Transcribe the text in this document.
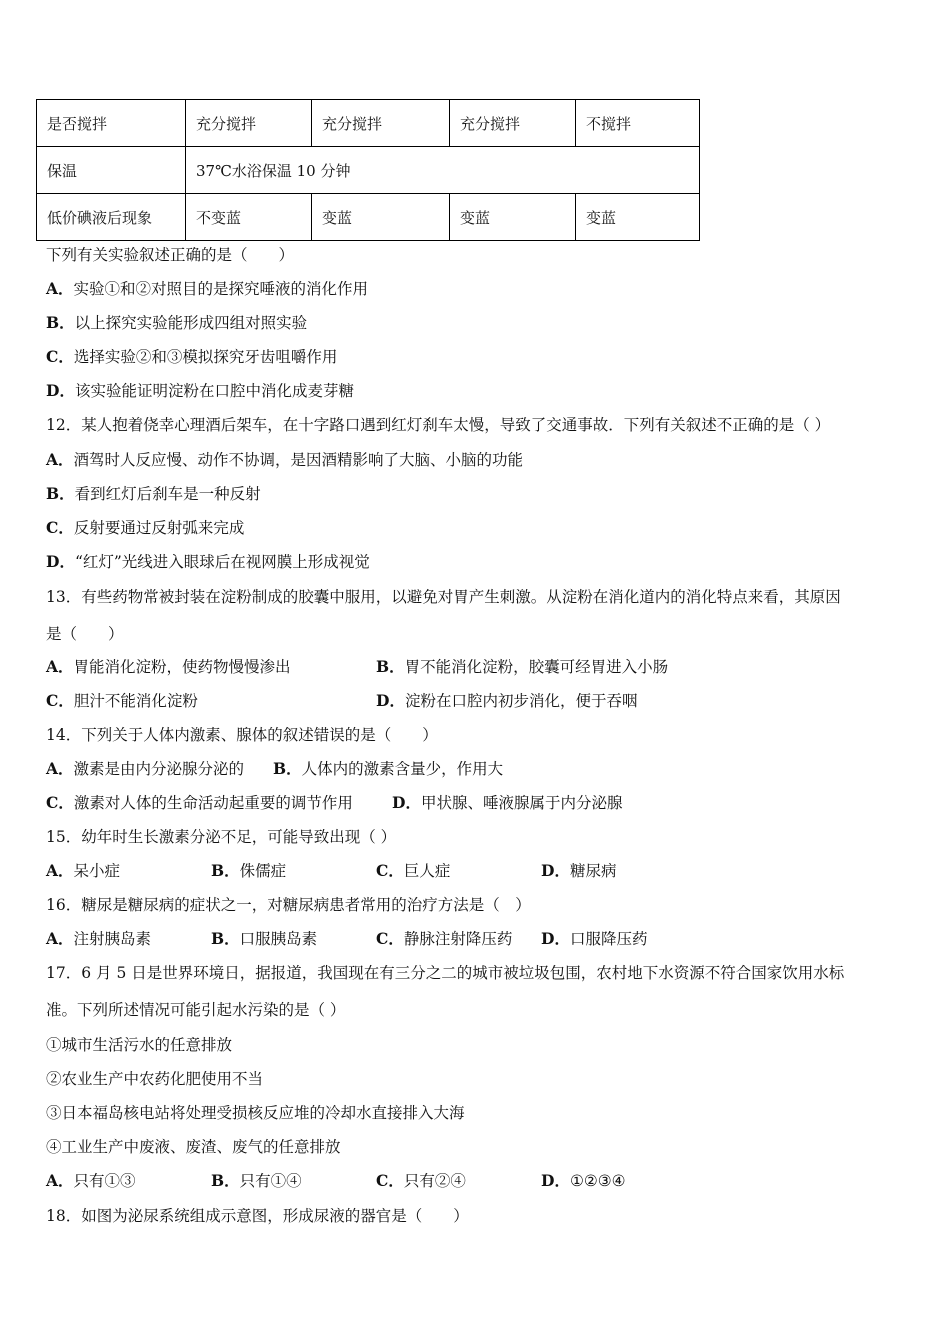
是否搅拌	充分搅拌	充分搅拌	充分搅拌	不搅拌
保温	37℃水浴保温 10 分钟			
低价碘液后现象	不变蓝	变蓝	变蓝	变蓝
下列有关实验叙述正确的是（　　）
A．实验①和②对照目的是探究唾液的消化作用
B．以上探究实验能形成四组对照实验
C．选择实验②和③模拟探究牙齿咀嚼作用
D．该实验能证明淀粉在口腔中消化成麦芽糖
12．某人抱着侥幸心理酒后架车，在十字路口遇到红灯刹车太慢，导致了交通事故．下列有关叙述不正确的是（ ）
A．酒驾时人反应慢、动作不协调，是因酒精影响了大脑、小脑的功能
B．看到红灯后刹车是一种反射
C．反射要通过反射弧来完成
D．“红灯”光线进入眼球后在视网膜上形成视觉
13．有些药物常被封装在淀粉制成的胶囊中服用，以避免对胃产生刺激。从淀粉在消化道内的消化特点来看，其原因
是（　　）
A．胃能消化淀粉，使药物慢慢渗出	B．胃不能消化淀粉，胶囊可经胃进入小肠
C．胆汁不能消化淀粉	D．淀粉在口腔内初步消化，便于吞咽
14．下列关于人体内激素、腺体的叙述错误的是（　　）
A．激素是由内分泌腺分泌的 B．人体内的激素含量少，作用大
C．激素对人体的生命活动起重要的调节作用	D．甲状腺、唾液腺属于内分泌腺
15．幼年时生长激素分泌不足，可能导致出现（ ）
A．呆小症	B．侏儒症	C．巨人症	D．糖尿病
16．糖尿是糖尿病的症状之一，对糖尿病患者常用的治疗方法是（　）
A．注射胰岛素	B．口服胰岛素	C．静脉注射降压药 D．口服降压药
17．6 月 5 日是世界环境日，据报道，我国现在有三分之二的城市被垃圾包围，农村地下水资源不符合国家饮用水标
准。下列所述情况可能引起水污染的是（ ）
①城市生活污水的任意排放
②农业生产中农药化肥使用不当
③日本福岛核电站将处理受损核反应堆的冷却水直接排入大海
④工业生产中废液、废渣、废气的任意排放
A．只有①③	B．只有①④	C．只有②④	D．①②③④
18．如图为泌尿系统组成示意图，形成尿液的器官是（　　）
